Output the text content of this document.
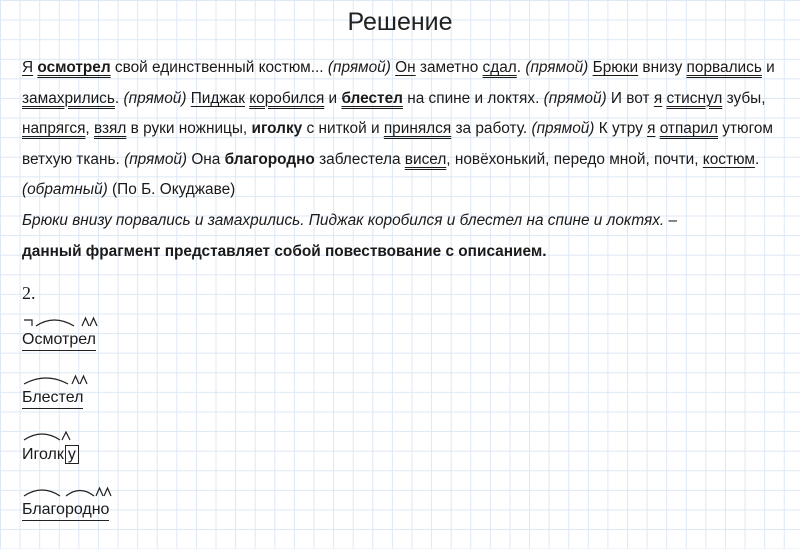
Решение
Я осмотрел свой единственный костюм... (прямой) Он заметно сдал. (прямой) Брюки внизу порвались и замахрились. (прямой) Пиджак коробился и блестел на спине и локтях. (прямой) И вот я стиснул зубы, напрягся, взял в руки ножницы, иголку с ниткой и принялся за работу. (прямой) К утру я отпарил утюгом ветхую ткань. (прямой) Она благородно заблестела висел, новёхонький, передо мной, почти, костюм. (обратный) (По Б. Окуджаве)
Брюки внизу порвались и замахрились. Пиджак коробился и блестел на спине и локтях. –
данный фрагмент представляет собой повествование с описанием.
2.
Осмотрел
Блестел
Иголк у
Благородно
